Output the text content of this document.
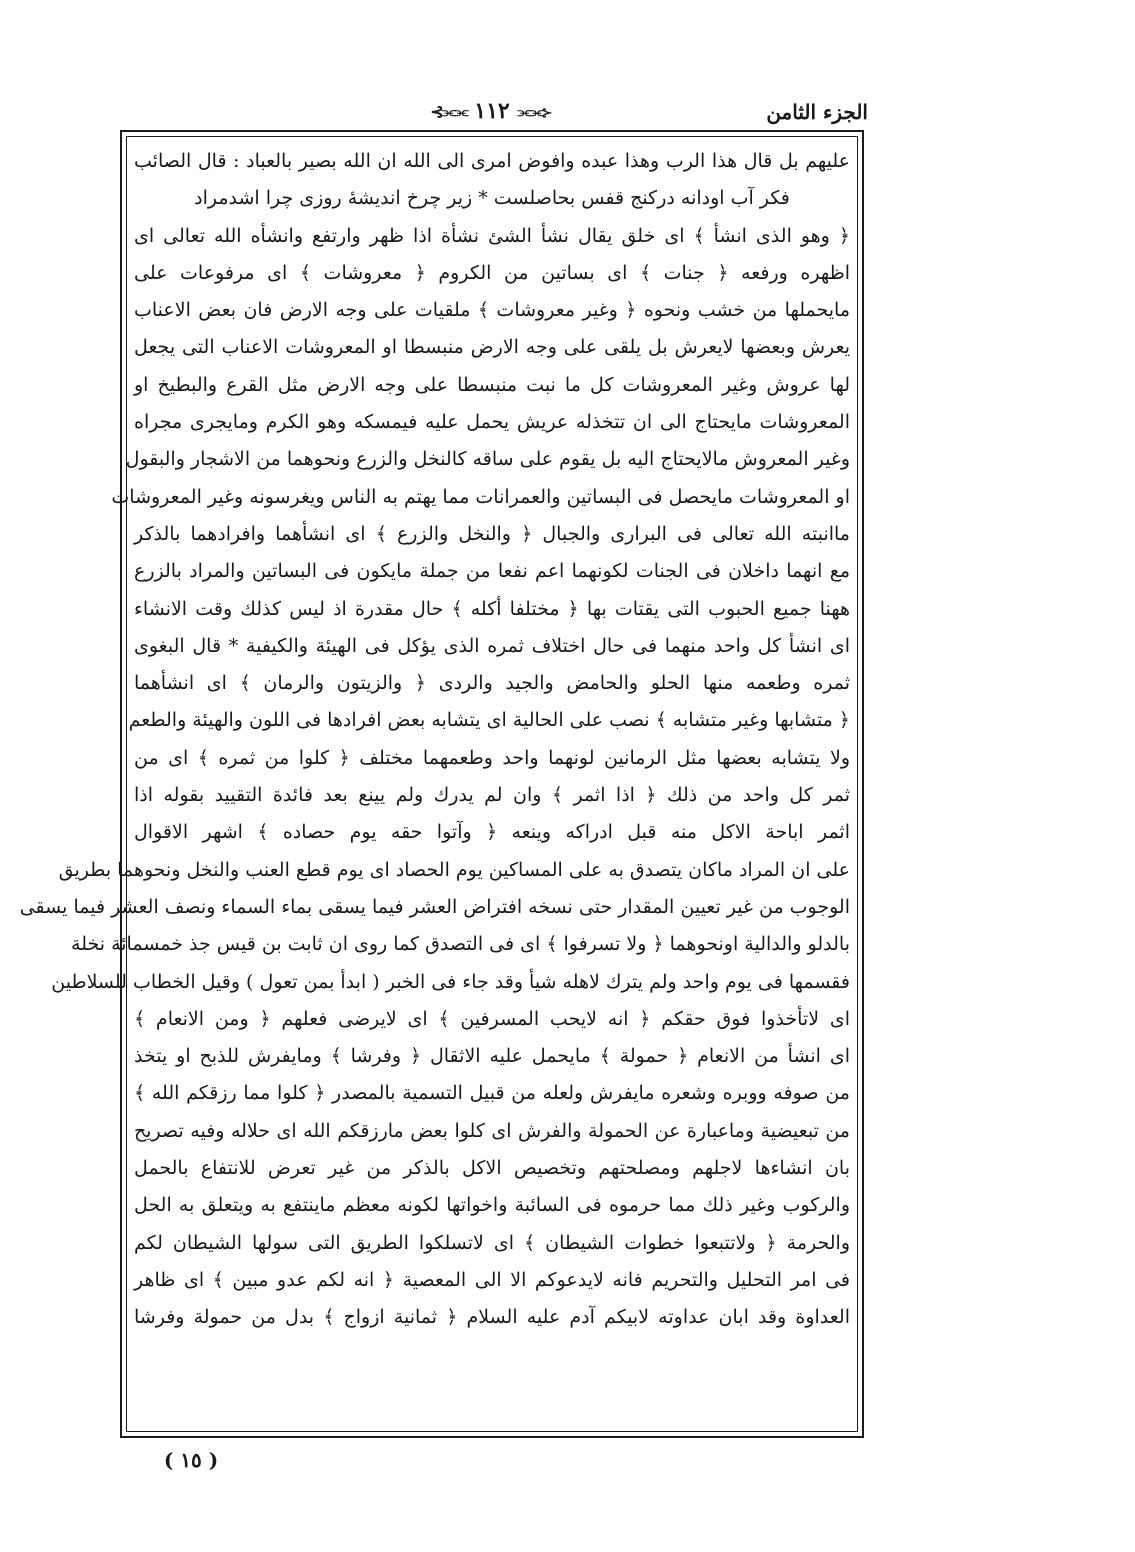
الجزء الثامن
⊰⫘⫘ ١١٢ ⫘⫘⊱
عليهم بل قال هذا الرب وهذا عبده وافوض امرى الى الله ان الله بصير بالعباد : قال الصائب
فكر آب اودانه دركنج قفس بحاصلست * زير چرخ انديشهٔ روزى چرا اشدمراد
﴿ وهو الذى انشأ ﴾ اى خلق يقال نشأ الشئ نشأة اذا ظهر وارتفع وانشأه الله تعالى اى
اظهره ورفعه ﴿ جنات ﴾ اى بساتين من الكروم ﴿ معروشات ﴾ اى مرفوعات على
مايحملها من خشب ونحوه ﴿ وغير معروشات ﴾ ملقيات على وجه الارض فان بعض الاعناب
يعرش وبعضها لايعرش بل يلقى على وجه الارض منبسطا او المعروشات الاعناب التى يجعل
لها عروش وغير المعروشات كل ما نبت منبسطا على وجه الارض مثل القرع والبطيخ او
المعروشات مايحتاج الى ان تتخذله عريش يحمل عليه فيمسكه وهو الكرم ومايجرى مجراه
وغير المعروش مالايحتاج اليه بل يقوم على ساقه كالنخل والزرع ونحوهما من الاشجار والبقول
او المعروشات مايحصل فى البساتين والعمرانات مما يهتم به الناس ويغرسونه وغير المعروشات
ماانبته الله تعالى فى البرارى والجبال ﴿ والنخل والزرع ﴾ اى انشأهما وافرادهما بالذكر
مع انهما داخلان فى الجنات لكونهما اعم نفعا من جملة مايكون فى البساتين والمراد بالزرع
ههنا جميع الحبوب التى يقتات بها ﴿ مختلفا أكله ﴾ حال مقدرة اذ ليس كذلك وقت الانشاء
اى انشأ كل واحد منهما فى حال اختلاف ثمره الذى يؤكل فى الهيئة والكيفية * قال البغوى
ثمره وطعمه منها الحلو والحامض والجيد والردى ﴿ والزيتون والرمان ﴾ اى انشأهما
﴿ متشابها وغير متشابه ﴾ نصب على الحالية اى يتشابه بعض افرادها فى اللون والهيئة والطعم
ولا يتشابه بعضها مثل الرمانين لونهما واحد وطعمهما مختلف ﴿ كلوا من ثمره ﴾ اى من
ثمر كل واحد من ذلك ﴿ اذا اثمر ﴾ وان لم يدرك ولم يينع بعد فائدة التقييد بقوله اذا
اثمر اباحة الاكل منه قبل ادراكه وينعه ﴿ وآتوا حقه يوم حصاده ﴾ اشهر الاقوال
على ان المراد ماكان يتصدق به على المساكين يوم الحصاد اى يوم قطع العنب والنخل ونحوهما بطريق
الوجوب من غير تعيين المقدار حتى نسخه افتراض العشر فيما يسقى بماء السماء ونصف العشر فيما يسقى
بالدلو والدالية اونحوهما ﴿ ولا تسرفوا ﴾ اى فى التصدق كما روى ان ثابت بن قيس جذ خمسمائة نخلة
فقسمها فى يوم واحد ولم يترك لاهله شيأ وقد جاء فى الخبر ( ابدأ بمن تعول ) وقيل الخطاب للسلاطين
اى لاتأخذوا فوق حقكم ﴿ انه لايحب المسرفين ﴾ اى لايرضى فعلهم ﴿ ومن الانعام ﴾
اى انشأ من الانعام ﴿ حمولة ﴾ مايحمل عليه الاثقال ﴿ وفرشا ﴾ ومايفرش للذبح او يتخذ
من صوفه ووبره وشعره مايفرش ولعله من قبيل التسمية بالمصدر ﴿ كلوا مما رزقكم الله ﴾
من تبعيضية وماعبارة عن الحمولة والفرش اى كلوا بعض مارزقكم الله اى حلاله وفيه تصريح
بان انشاءها لاجلهم ومصلحتهم وتخصيص الاكل بالذكر من غير تعرض للانتفاع بالحمل
والركوب وغير ذلك مما حرموه فى السائبة واخواتها لكونه معظم ماينتفع به ويتعلق به الحل
والحرمة ﴿ ولاتتبعوا خطوات الشيطان ﴾ اى لاتسلكوا الطريق التى سولها الشيطان لكم
فى امر التحليل والتحريم فانه لايدعوكم الا الى المعصية ﴿ انه لكم عدو مبين ﴾ اى ظاهر
العداوة وقد ابان عداوته لابيكم آدم عليه السلام ﴿ ثمانية ازواج ﴾ بدل من حمولة وفرشا
( ١٥ )
